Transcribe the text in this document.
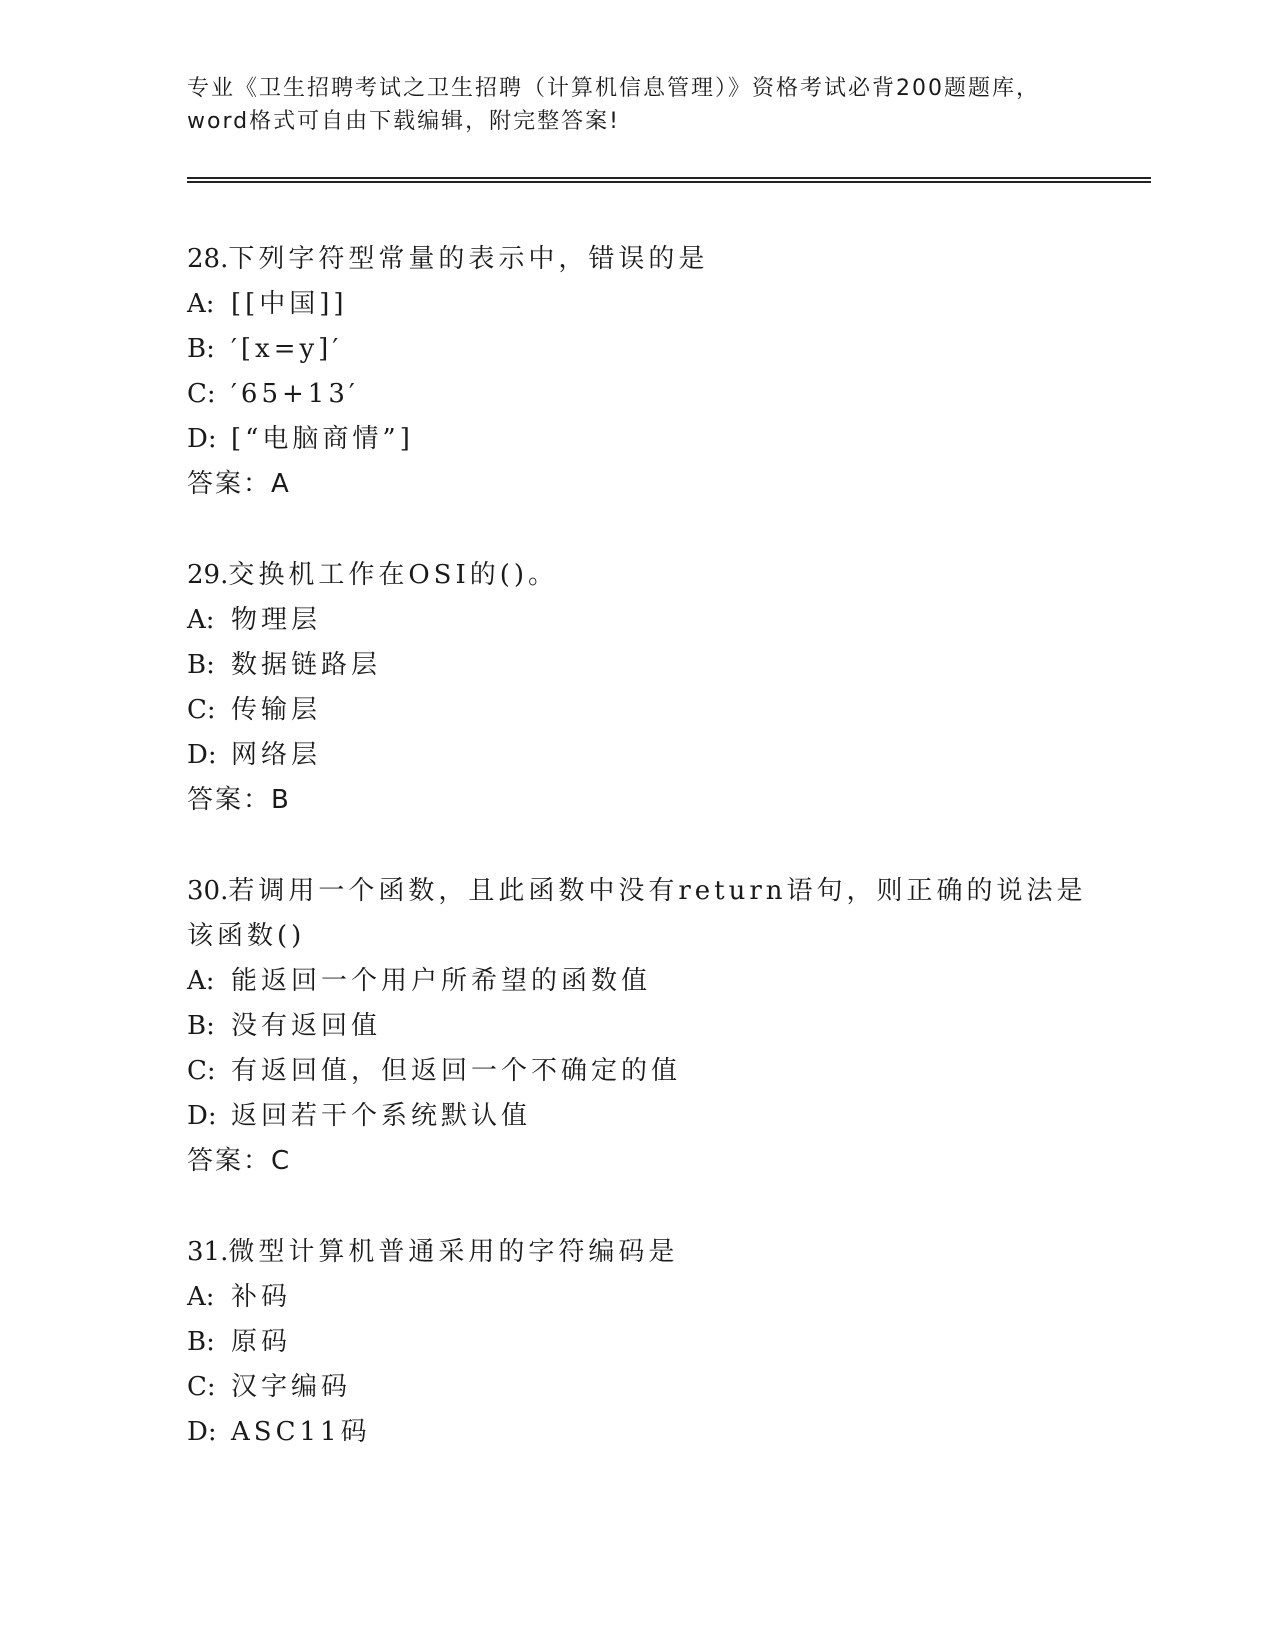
专业《卫生招聘考试之卫生招聘（计算机信息管理）》资格考试必背200题题库，
word格式可自由下载编辑，附完整答案!
28.下列字符型常量的表示中，错误的是
A: [[中国]]
B: ′[x=y]′
C: ′65+13′
D: [“电脑商情”]
答案：A
29.交换机工作在OSI的()。
A: 物理层
B: 数据链路层
C: 传输层
D: 网络层
答案：B
30.若调用一个函数，且此函数中没有return语句，则正确的说法是
该函数()
A: 能返回一个用户所希望的函数值
B: 没有返回值
C: 有返回值，但返回一个不确定的值
D: 返回若干个系统默认值
答案：C
31.微型计算机普通采用的字符编码是
A: 补码
B: 原码
C: 汉字编码
D: ASC11码
